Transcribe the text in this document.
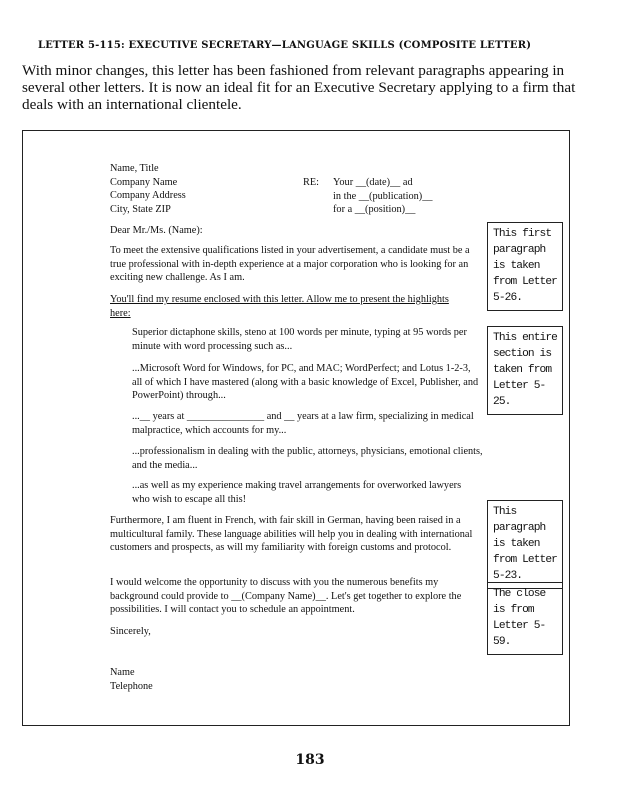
LETTER 5-115: EXECUTIVE SECRETARY—LANGUAGE SKILLS (COMPOSITE LETTER)
With minor changes, this letter has been fashioned from relevant paragraphs appearing in several other letters. It is now an ideal fit for an Executive Secretary applying to a firm that deals with an international clientele.
Name, Title
Company Name
Company Address
City, State ZIP
RE: Your __(date)__ ad
in the __(publication)__
for a __(position)__
Dear Mr./Ms. (Name):
To meet the extensive qualifications listed in your advertisement, a candidate must be a true professional with in-depth experience at a major corporation who is looking for an exciting new challenge. As I am.
You'll find my resume enclosed with this letter. Allow me to present the highlights here:
Superior dictaphone skills, steno at 100 words per minute, typing at 95 words per minute with word processing such as...
...Microsoft Word for Windows, for PC, and MAC; WordPerfect; and Lotus 1-2-3, all of which I have mastered (along with a basic knowledge of Excel, Publisher, and PowerPoint) through...
...__ years at _______________ and __ years at a law firm, specializing in medical malpractice, which accounts for my...
...professionalism in dealing with the public, attorneys, physicians, emotional clients, and the media...
...as well as my experience making travel arrangements for overworked lawyers who wish to escape all this!
Furthermore, I am fluent in French, with fair skill in German, having been raised in a multicultural family. These language abilities will help you in dealing with international customers and prospects, as will my familiarity with foreign customs and protocol.
I would welcome the opportunity to discuss with you the numerous benefits my background could provide to __(Company Name)__. Let's get together to explore the possibilities. I will contact you to schedule an appointment.
Sincerely,
Name
Telephone
This first paragraph is taken from Letter 5-26.
This entire section is taken from Letter 5-25.
This paragraph is taken from Letter 5-23.
The close is from Letter 5-59.
183
